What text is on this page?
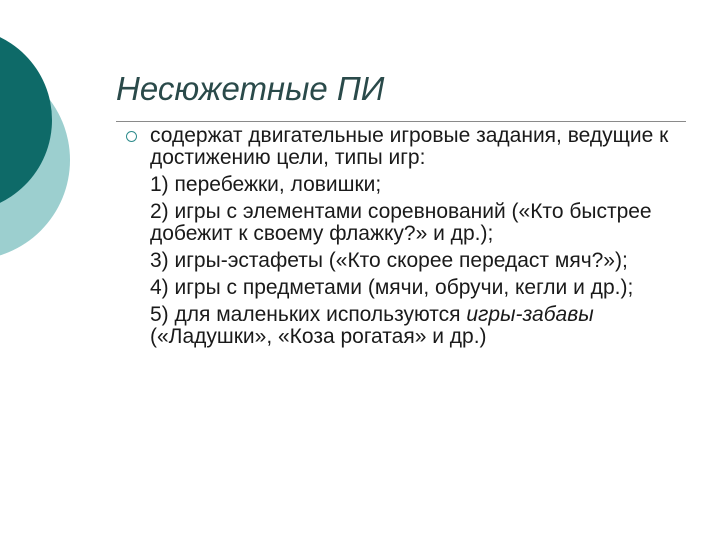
Несюжетные ПИ
содержат двигательные игровые задания, ведущие к достижению цели, типы игр:
1) перебежки, ловишки;
2) игры с элементами соревнований («Кто быстрее добежит к своему флажку?» и др.);
3) игры-эстафеты («Кто скорее передаст мяч?»);
4) игры с предметами (мячи, обручи, кегли и др.);
5) для маленьких используются игры-забавы («Ладушки», «Коза рогатая» и др.)
